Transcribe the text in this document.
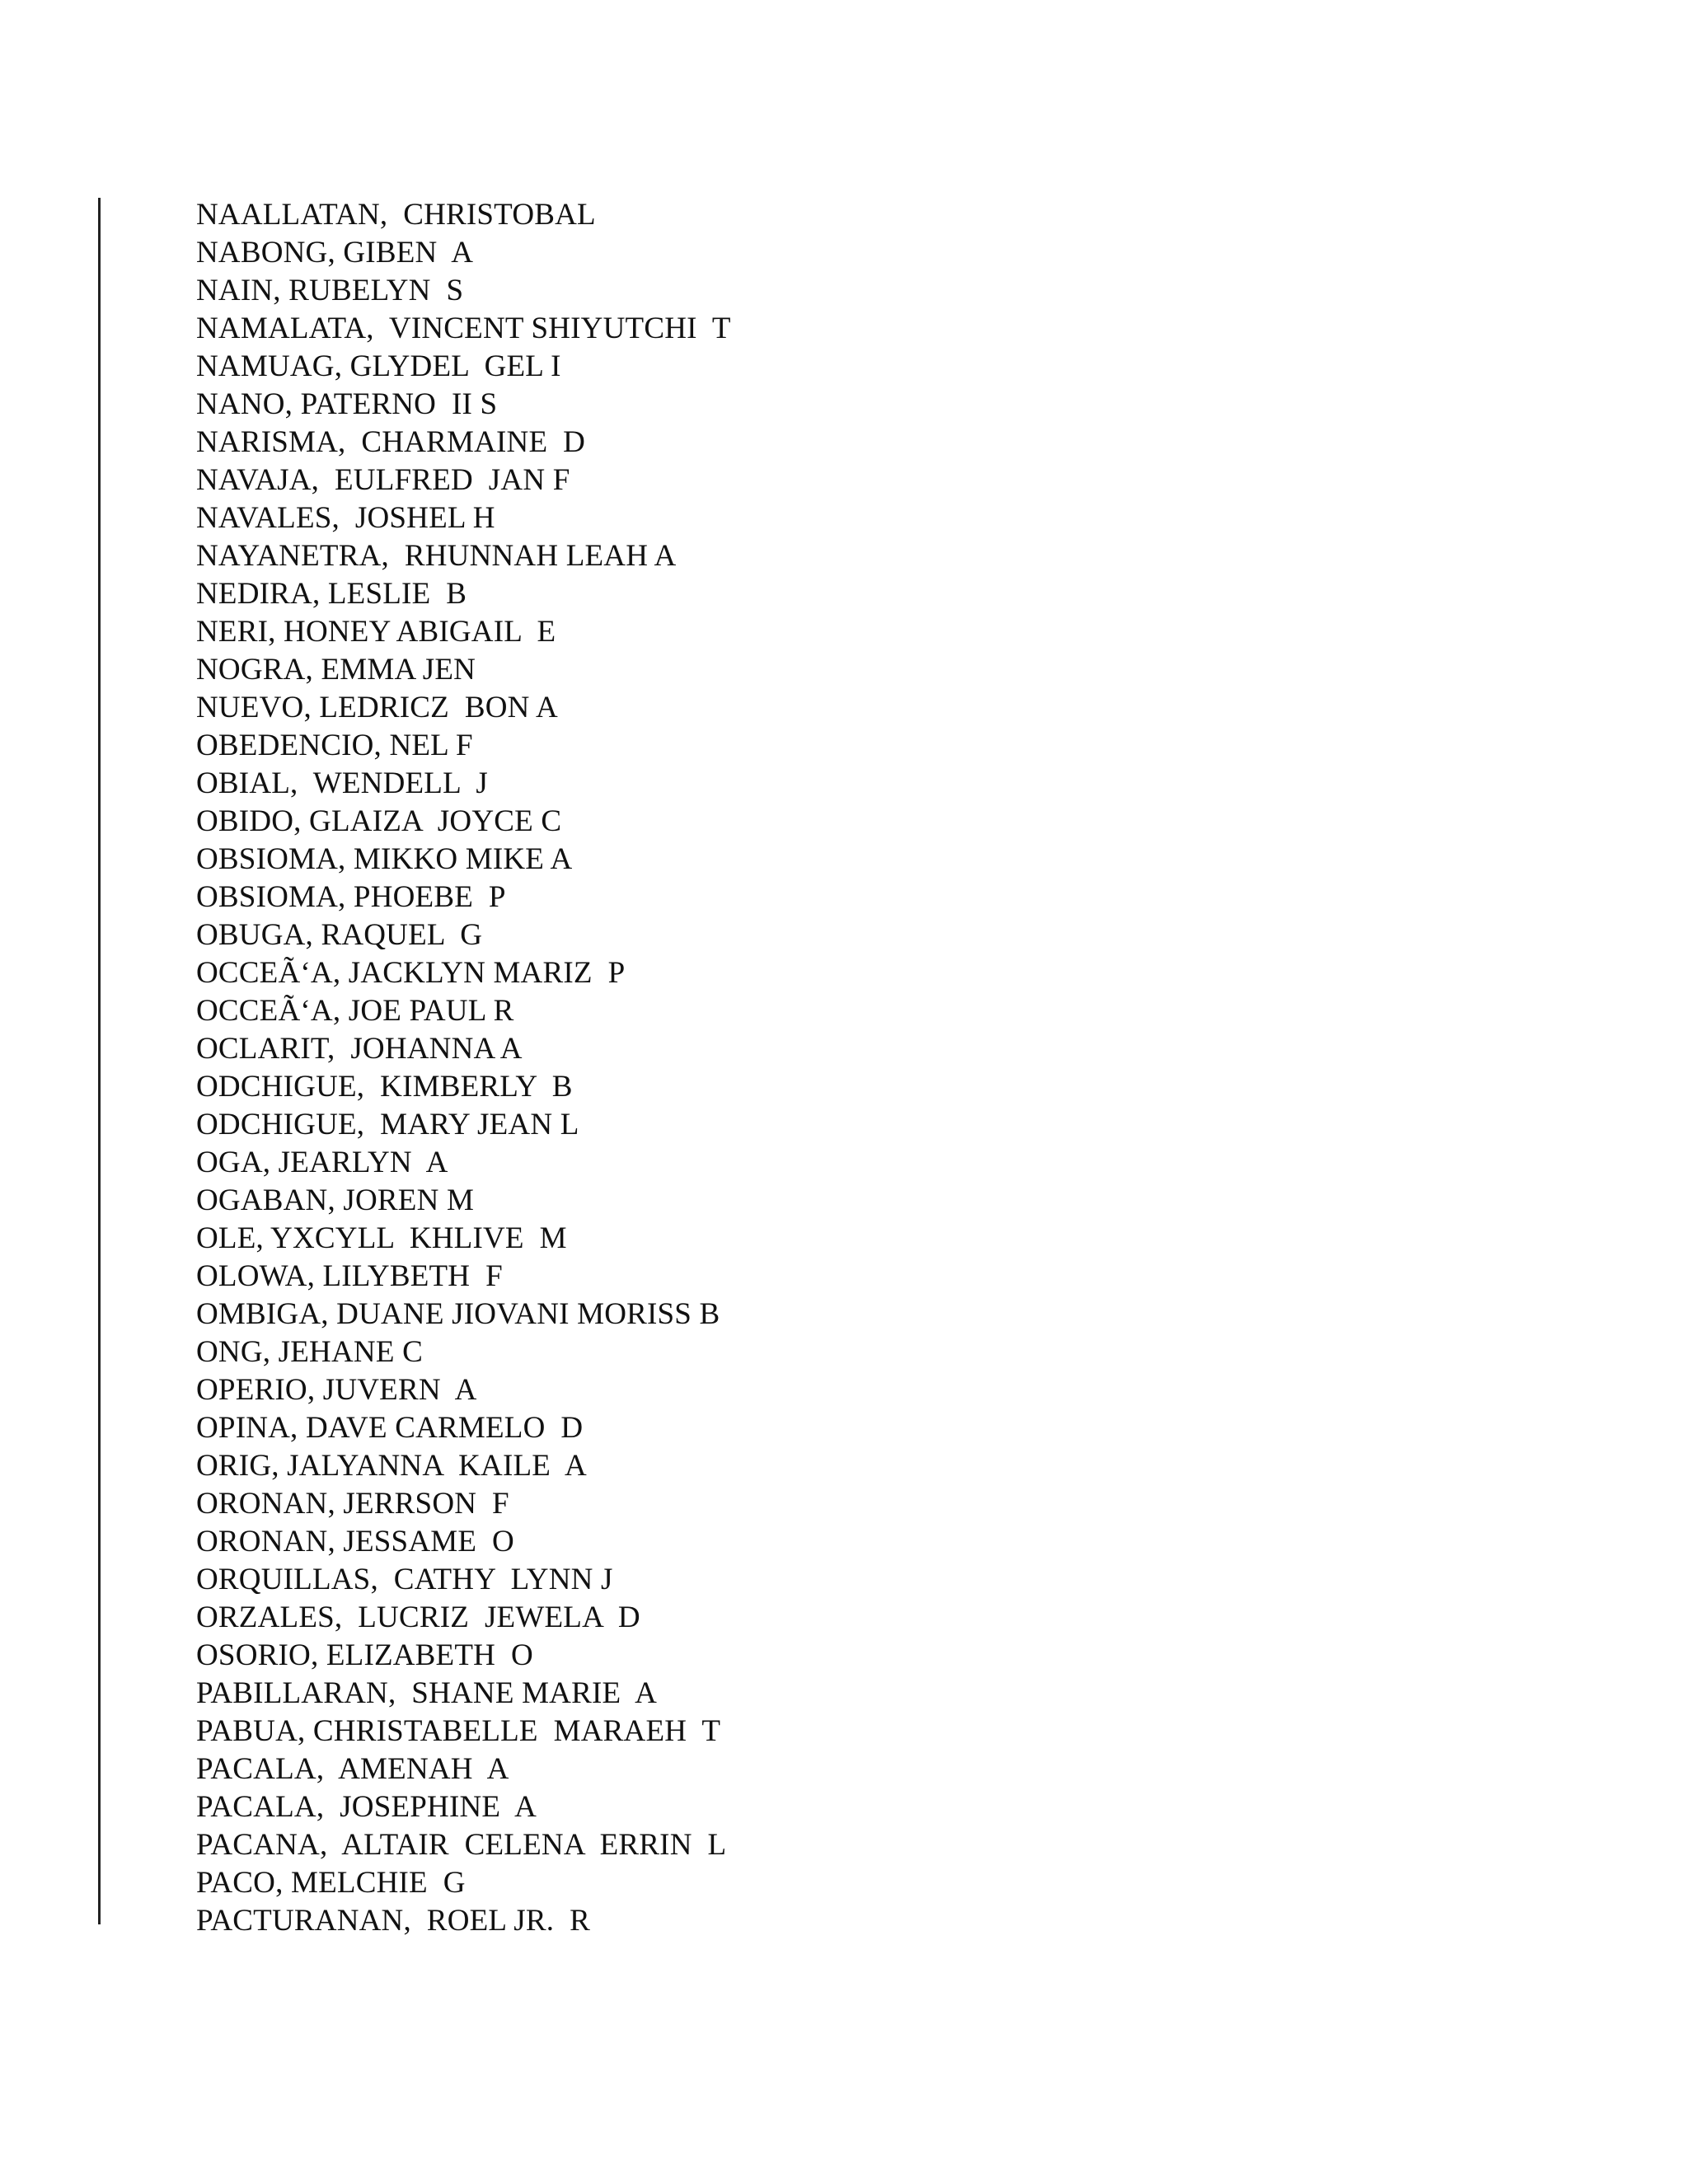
NAALLATAN,  CHRISTOBAL
NABONG, GIBEN  A
NAIN, RUBELYN  S
NAMALATA,  VINCENT SHIYUTCHI  T
NAMUAG, GLYDEL  GEL I
NANO, PATERNO  II S
NARISMA,  CHARMAINE  D
NAVAJA,  EULFRED  JAN F
NAVALES,  JOSHEL H
NAYANETRA,  RHUNNAH LEAH A
NEDIRA, LESLIE  B
NERI, HONEY ABIGAIL  E
NOGRA, EMMA JEN
NUEVO, LEDRICZ  BON A
OBEDENCIO, NEL F
OBIAL,  WENDELL  J
OBIDO, GLAIZA  JOYCE C
OBSIOMA, MIKKO MIKE A
OBSIOMA, PHOEBE  P
OBUGA, RAQUEL  G
OCCEÃ‘A, JACKLYN MARIZ  P
OCCEÃ‘A, JOE PAUL R
OCLARIT,  JOHANNA A
ODCHIGUE,  KIMBERLY  B
ODCHIGUE,  MARY JEAN L
OGA, JEARLYN  A
OGABAN, JOREN M
OLE, YXCYLL  KHLIVE  M
OLOWA, LILYBETH  F
OMBIGA, DUANE JIOVANI MORISS B
ONG, JEHANE C
OPERIO, JUVERN  A
OPINA, DAVE CARMELO  D
ORIG, JALYANNA  KAILE  A
ORONAN, JERRSON  F
ORONAN, JESSAME  O
ORQUILLAS,  CATHY  LYNN J
ORZALES,  LUCRIZ  JEWELA  D
OSORIO, ELIZABETH  O
PABILLARAN,  SHANE MARIE  A
PABUA, CHRISTABELLE  MARAEH  T
PACALA,  AMENAH  A
PACALA,  JOSEPHINE  A
PACANA,  ALTAIR  CELENA  ERRIN  L
PACO, MELCHIE  G
PACTURANAN,  ROEL JR.  R
